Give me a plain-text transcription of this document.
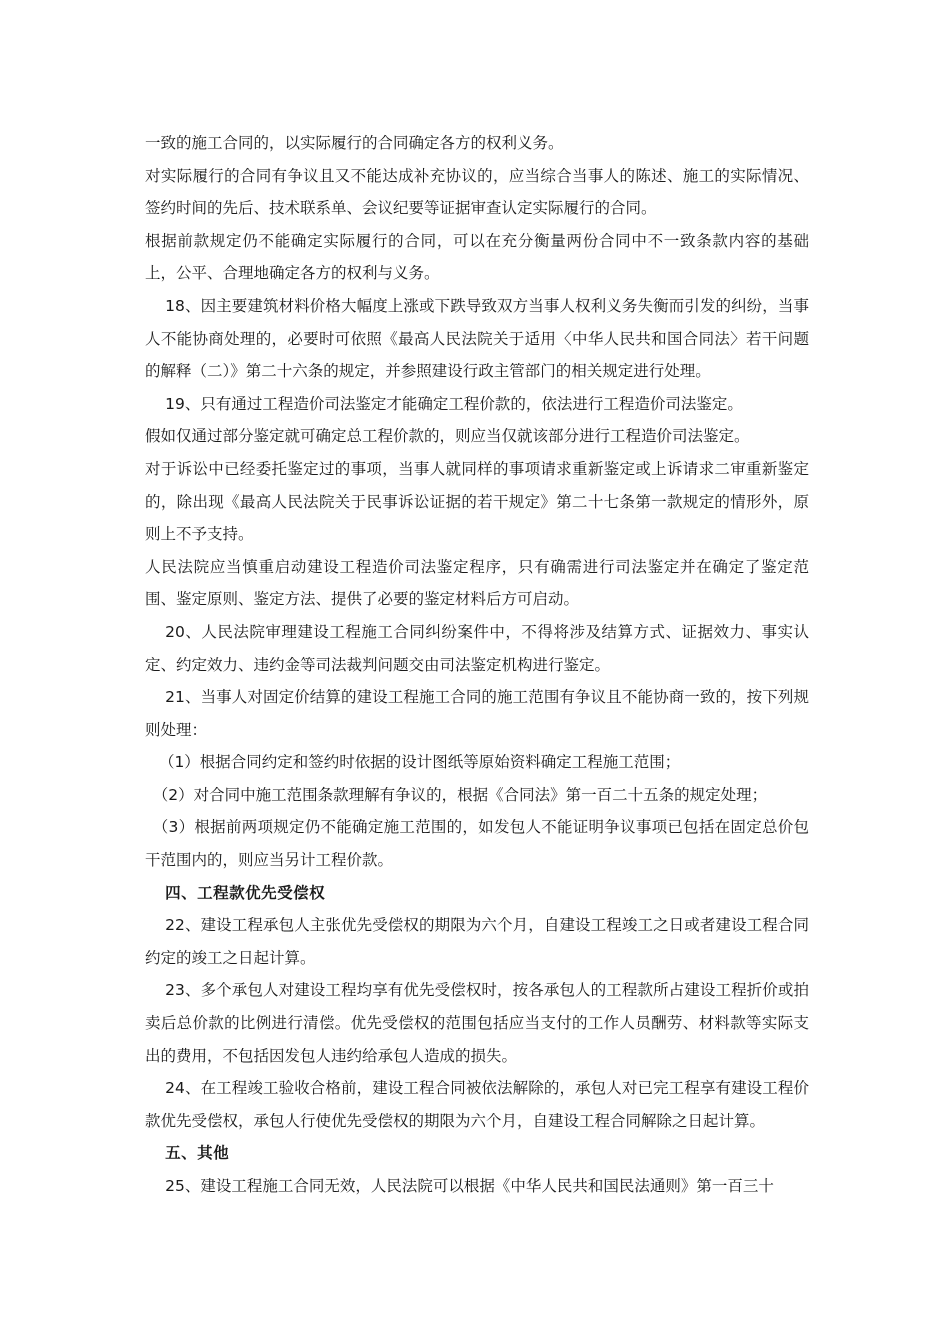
一致的施工合同的，以实际履行的合同确定各方的权利义务。

对实际履行的合同有争议且又不能达成补充协议的，应当综合当事人的陈述、施工的实际情况、签约时间的先后、技术联系单、会议纪要等证据审查认定实际履行的合同。

根据前款规定仍不能确定实际履行的合同，可以在充分衡量两份合同中不一致条款内容的基础上，公平、合理地确定各方的权利与义务。

18、因主要建筑材料价格大幅度上涨或下跌导致双方当事人权利义务失衡而引发的纠纷，当事人不能协商处理的，必要时可依照《最高人民法院关于适用〈中华人民共和国合同法〉若干问题的解释（二）》第二十六条的规定，并参照建设行政主管部门的相关规定进行处理。

19、只有通过工程造价司法鉴定才能确定工程价款的，依法进行工程造价司法鉴定。

假如仅通过部分鉴定就可确定总工程价款的，则应当仅就该部分进行工程造价司法鉴定。

对于诉讼中已经委托鉴定过的事项，当事人就同样的事项请求重新鉴定或上诉请求二审重新鉴定的，除出现《最高人民法院关于民事诉讼证据的若干规定》第二十七条第一款规定的情形外，原则上不予支持。

人民法院应当慎重启动建设工程造价司法鉴定程序，只有确需进行司法鉴定并在确定了鉴定范围、鉴定原则、鉴定方法、提供了必要的鉴定材料后方可启动。

20、人民法院审理建设工程施工合同纠纷案件中，不得将涉及结算方式、证据效力、事实认定、约定效力、违约金等司法裁判问题交由司法鉴定机构进行鉴定。

21、当事人对固定价结算的建设工程施工合同的施工范围有争议且不能协商一致的，按下列规则处理：

（1）根据合同约定和签约时依据的设计图纸等原始资料确定工程施工范围；

（2）对合同中施工范围条款理解有争议的，根据《合同法》第一百二十五条的规定处理；

（3）根据前两项规定仍不能确定施工范围的，如发包人不能证明争议事项已包括在固定总价包干范围内的，则应当另计工程价款。

四、工程款优先受偿权

22、建设工程承包人主张优先受偿权的期限为六个月，自建设工程竣工之日或者建设工程合同约定的竣工之日起计算。

23、多个承包人对建设工程均享有优先受偿权时，按各承包人的工程款所占建设工程折价或拍卖后总价款的比例进行清偿。优先受偿权的范围包括应当支付的工作人员酬劳、材料款等实际支出的费用，不包括因发包人违约给承包人造成的损失。

24、在工程竣工验收合格前，建设工程合同被依法解除的，承包人对已完工程享有建设工程价款优先受偿权，承包人行使优先受偿权的期限为六个月，自建设工程合同解除之日起计算。

五、其他

25、建设工程施工合同无效，人民法院可以根据《中华人民共和国民法通则》第一百三十
